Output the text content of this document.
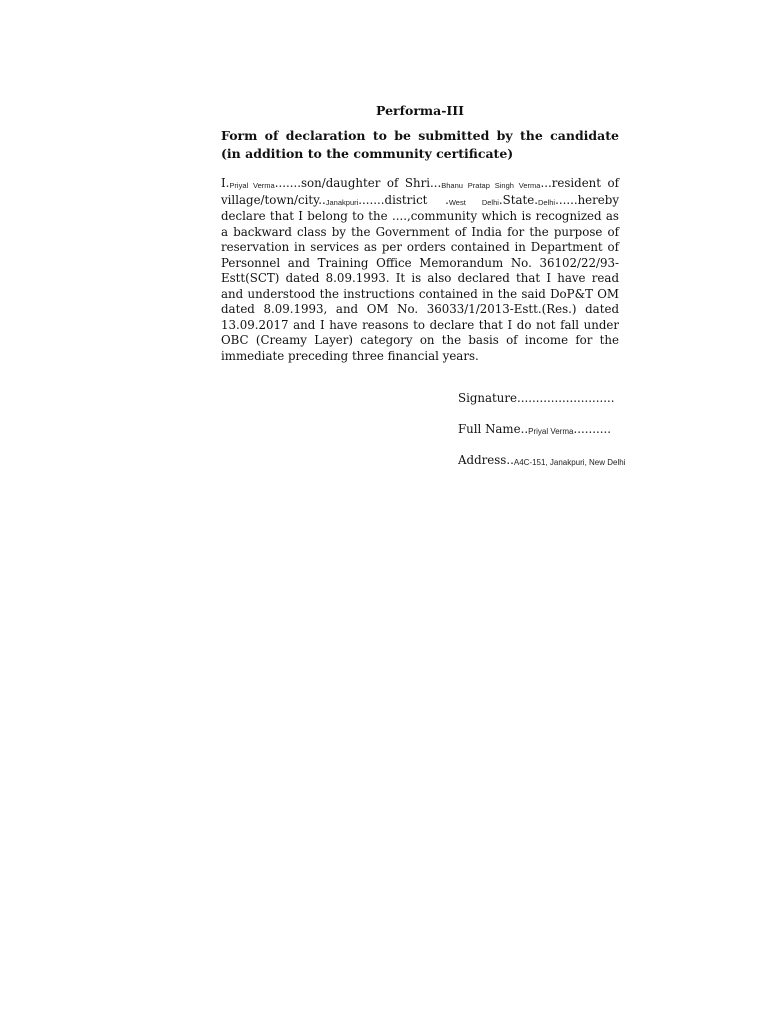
Performa-III
Form of declaration to be submitted by the candidate (in addition to the community certificate)
I.Priyal Verma.......son/daughter of Shri...Bhanu Pratap Singh Verma...resident of village/town/city..Janakpuri.......district .West Delhi.State.Delhi......hereby declare that I belong to the ....,community which is recognized as a backward class by the Government of India for the purpose of reservation in services as per orders contained in Department of Personnel and Training Office Memorandum No. 36102/22/93-Estt(SCT) dated 8.09.1993. It is also declared that I have read and understood the instructions contained in the said DoP&T OM dated 8.09.1993, and OM No. 36033/1/2013-Estt.(Res.) dated 13.09.2017 and I have reasons to declare that I do not fall under OBC (Creamy Layer) category on the basis of income for the immediate preceding three financial years.
Signature..........................
Full Name..Priyal Verma..........
Address..A4C-151, Janakpuri, New Delhi
